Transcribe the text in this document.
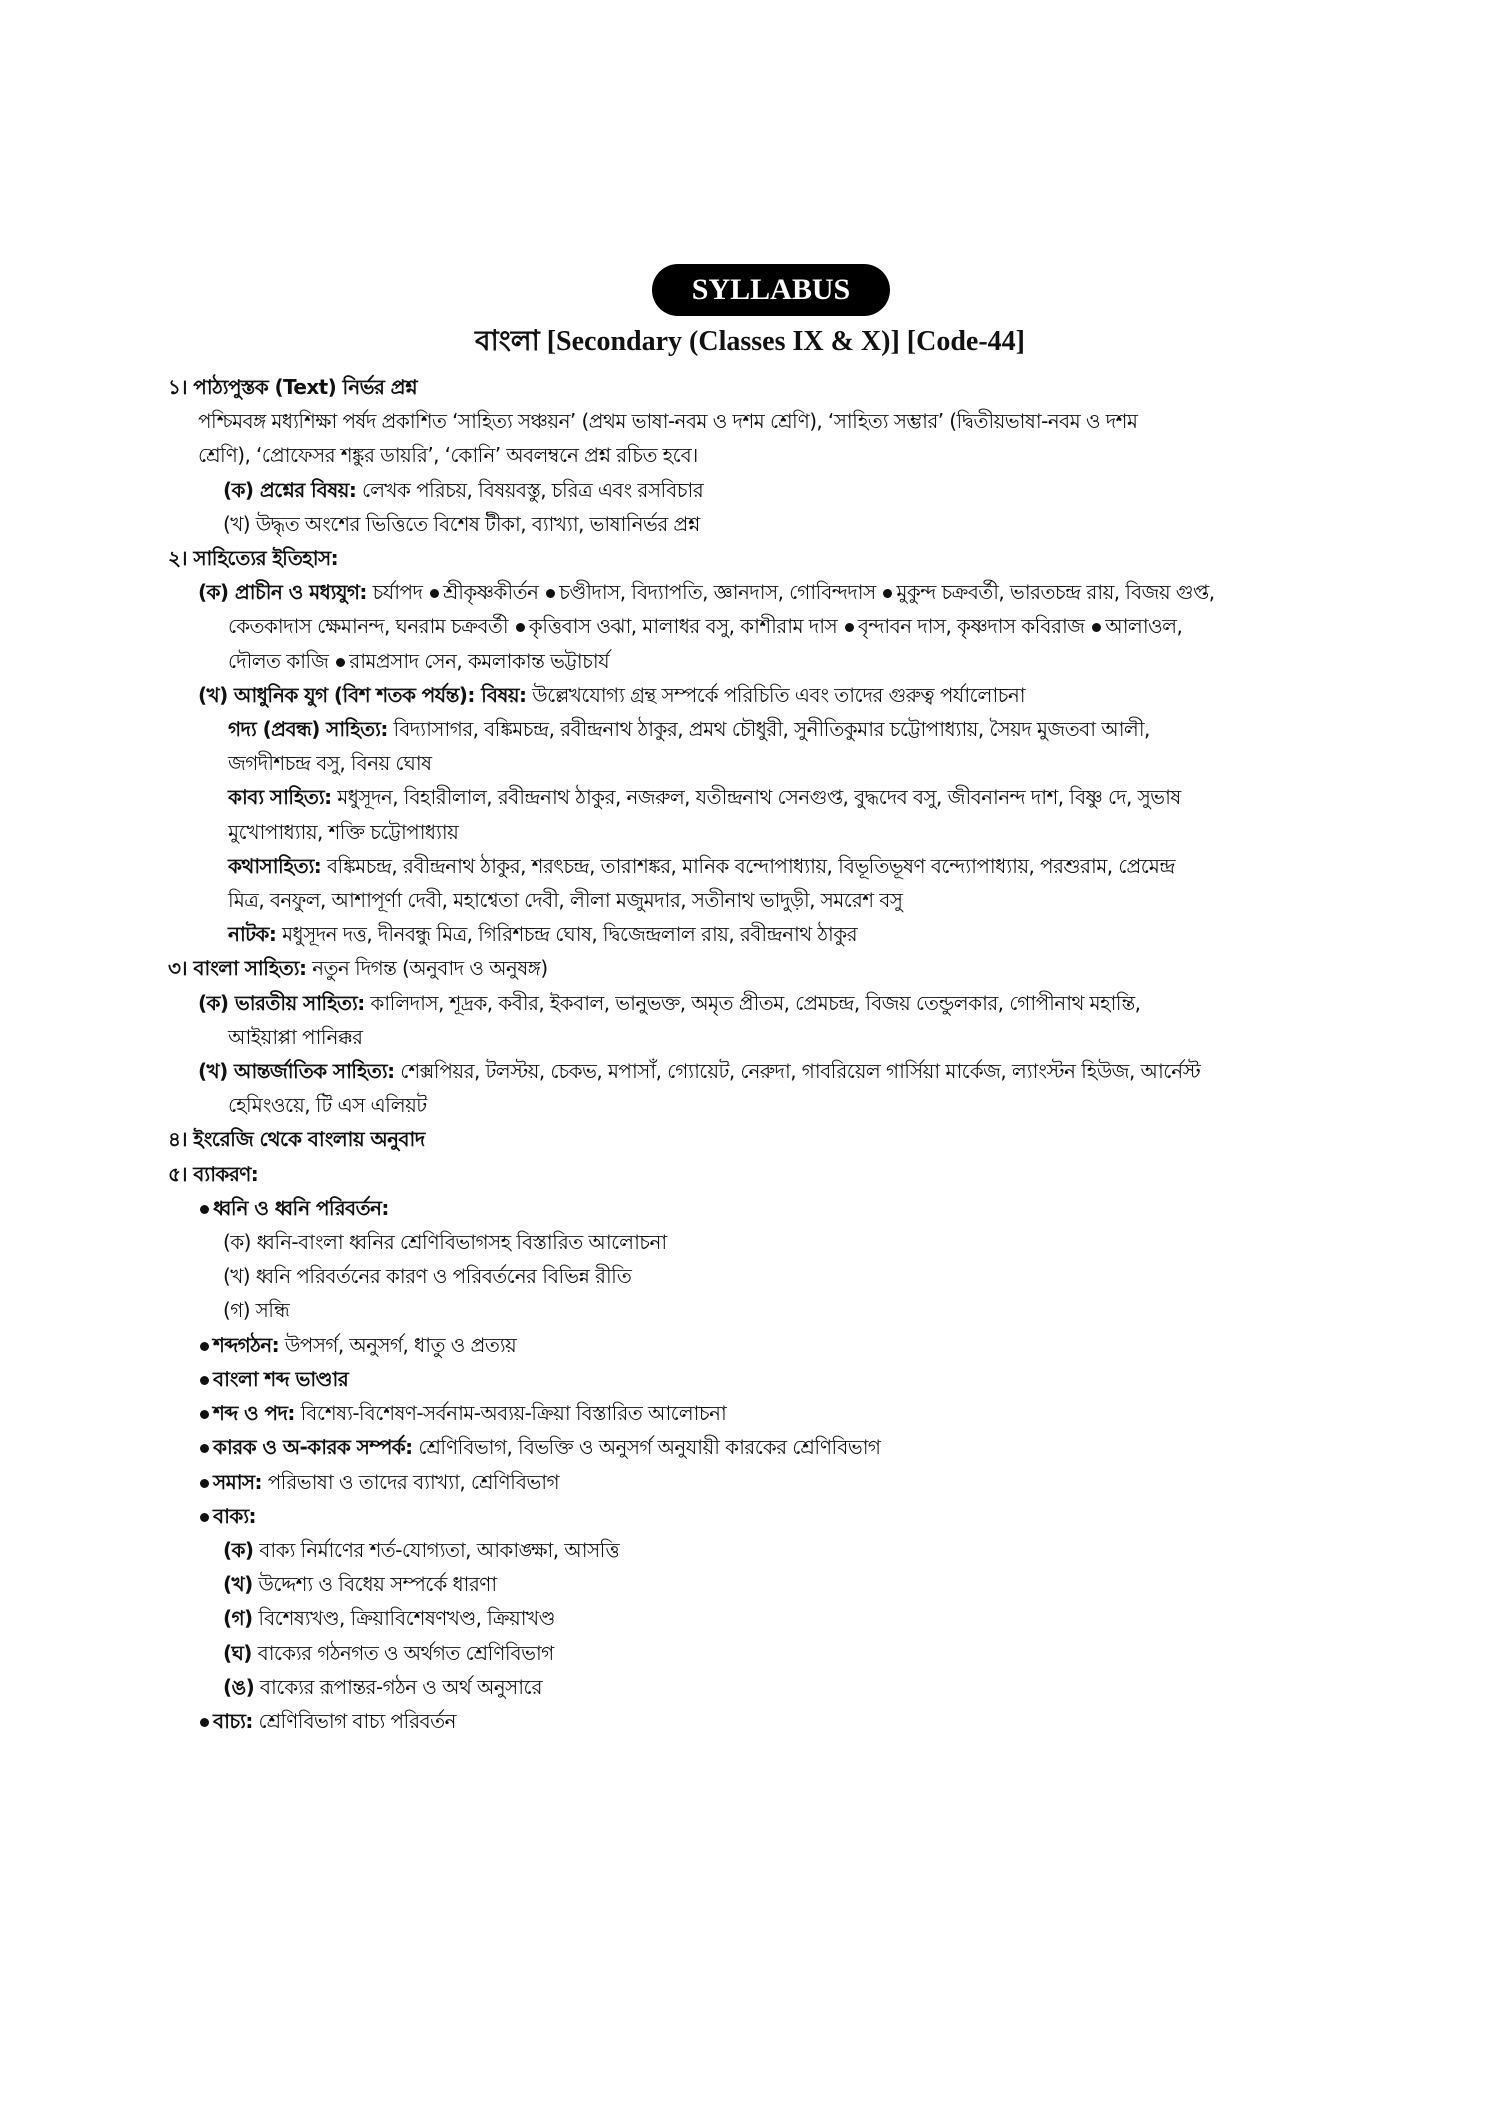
SYLLABUS
বাংলা [Secondary (Classes IX & X)] [Code-44]
১। পাঠ্যপুস্তক (Text) নির্ভর প্রশ্ন
পশ্চিমবঙ্গ মধ্যশিক্ষা পর্ষদ প্রকাশিত ‘সাহিত্য সঞ্চয়ন’ (প্রথম ভাষা-নবম ও দশম শ্রেণি), ‘সাহিত্য সম্ভার’ (দ্বিতীয়ভাষা-নবম ও দশম
শ্রেণি), ‘প্রোফেসর শঙ্কুর ডায়রি’, ‘কোনি’ অবলম্বনে প্রশ্ন রচিত হবে।
(ক) প্রশ্নের বিষয়: লেখক পরিচয়, বিষয়বস্তু, চরিত্র এবং রসবিচার
(খ) উদ্ধৃত অংশের ভিত্তিতে বিশেষ টীকা, ব্যাখ্যা, ভাষানির্ভর প্রশ্ন
২। সাহিত্যের ইতিহাস:
(ক) প্রাচীন ও মধ্যযুগ: চর্যাপদ শ্রীকৃষ্ণকীর্তন চণ্ডীদাস, বিদ্যাপতি, জ্ঞানদাস, গোবিন্দদাস মুকুন্দ চক্রবর্তী, ভারতচন্দ্র রায়, বিজয় গুপ্ত,
কেতকাদাস ক্ষেমানন্দ, ঘনরাম চক্রবর্তী কৃত্তিবাস ওঝা, মালাধর বসু, কাশীরাম দাস বৃন্দাবন দাস, কৃষ্ণদাস কবিরাজ আলাওল,
দৌলত কাজি রামপ্রসাদ সেন, কমলাকান্ত ভট্টাচার্য
(খ) আধুনিক যুগ (বিশ শতক পর্যন্ত): বিষয়: উল্লেখযোগ্য গ্রন্থ সম্পর্কে পরিচিতি এবং তাদের গুরুত্ব পর্যালোচনা
গদ্য (প্রবন্ধ) সাহিত্য: বিদ্যাসাগর, বঙ্কিমচন্দ্র, রবীন্দ্রনাথ ঠাকুর, প্রমথ চৌধুরী, সুনীতিকুমার চট্টোপাধ্যায়, সৈয়দ মুজতবা আলী,
জগদীশচন্দ্র বসু, বিনয় ঘোষ
কাব্য সাহিত্য: মধুসূদন, বিহারীলাল, রবীন্দ্রনাথ ঠাকুর, নজরুল, যতীন্দ্রনাথ সেনগুপ্ত, বুদ্ধদেব বসু, জীবনানন্দ দাশ, বিষ্ণু দে, সুভাষ
মুখোপাধ্যায়, শক্তি চট্টোপাধ্যায়
কথাসাহিত্য: বঙ্কিমচন্দ্র, রবীন্দ্রনাথ ঠাকুর, শরৎচন্দ্র, তারাশঙ্কর, মানিক বন্দোপাধ্যায়, বিভূতিভূষণ বন্দ্যোপাধ্যায়, পরশুরাম, প্রেমেন্দ্র
মিত্র, বনফুল, আশাপূর্ণা দেবী, মহাশ্বেতা দেবী, লীলা মজুমদার, সতীনাথ ভাদুড়ী, সমরেশ বসু
নাটক: মধুসূদন দত্ত, দীনবন্ধু মিত্র, গিরিশচন্দ্র ঘোষ, দ্বিজেন্দ্রলাল রায়, রবীন্দ্রনাথ ঠাকুর
৩। বাংলা সাহিত্য: নতুন দিগন্ত (অনুবাদ ও অনুষঙ্গ)
(ক) ভারতীয় সাহিত্য: কালিদাস, শূদ্রক, কবীর, ইকবাল, ভানুভক্ত, অমৃত প্রীতম, প্রেমচন্দ্র, বিজয় তেন্ডুলকার, গোপীনাথ মহান্তি,
আইয়াপ্পা পানিক্কর
(খ) আন্তর্জাতিক সাহিত্য: শেক্সপিয়র, টলস্টয়, চেকভ, মপাসাঁ, গ্যোয়েট, নেরুদা, গাবরিয়েল গার্সিয়া মার্কেজ, ল্যাংস্টন হিউজ, আর্নেস্ট
হেমিংওয়ে, টি এস এলিয়ট
৪। ইংরেজি থেকে বাংলায় অনুবাদ
৫। ব্যাকরণ:
ধ্বনি ও ধ্বনি পরিবর্তন:
(ক) ধ্বনি-বাংলা ধ্বনির শ্রেণিবিভাগসহ বিস্তারিত আলোচনা
(খ) ধ্বনি পরিবর্তনের কারণ ও পরিবর্তনের বিভিন্ন রীতি
(গ) সন্ধি
শব্দগঠন: উপসর্গ, অনুসর্গ, ধাতু ও প্রত্যয়
বাংলা শব্দ ভাণ্ডার
শব্দ ও পদ: বিশেষ্য-বিশেষণ-সর্বনাম-অব্যয়-ক্রিয়া বিস্তারিত আলোচনা
কারক ও অ-কারক সম্পর্ক: শ্রেণিবিভাগ, বিভক্তি ও অনুসর্গ অনুযায়ী কারকের শ্রেণিবিভাগ
সমাস: পরিভাষা ও তাদের ব্যাখ্যা, শ্রেণিবিভাগ
বাক্য:
(ক) বাক্য নির্মাণের শর্ত-যোগ্যতা, আকাঙ্ক্ষা, আসত্তি
(খ) উদ্দেশ্য ও বিধেয় সম্পর্কে ধারণা
(গ) বিশেষ্যখণ্ড, ক্রিয়াবিশেষণখণ্ড, ক্রিয়াখণ্ড
(ঘ) বাক্যের গঠনগত ও অর্থগত শ্রেণিবিভাগ
(ঙ) বাক্যের রূপান্তর-গঠন ও অর্থ অনুসারে
বাচ্য: শ্রেণিবিভাগ বাচ্য পরিবর্তন
